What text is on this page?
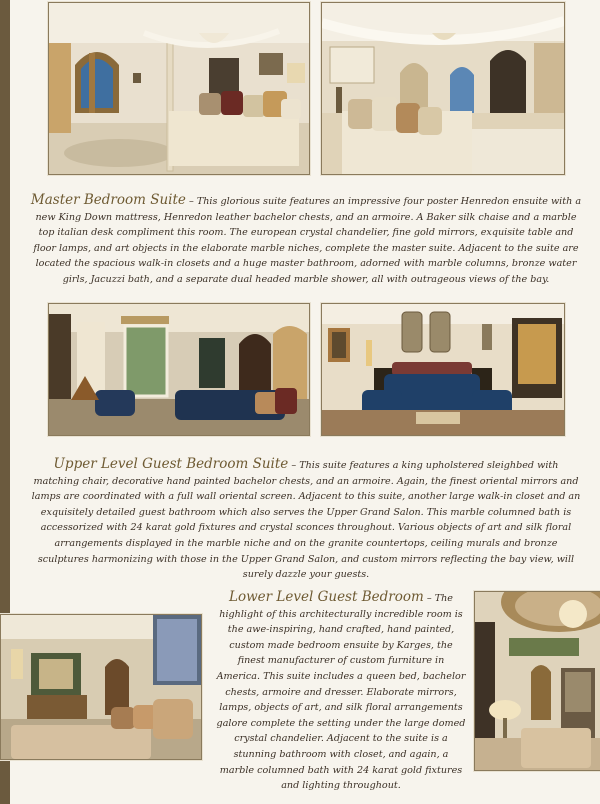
Master Bedroom Suite – This glorious suite features an impressive four poster Henredon ensuite with a new King Down mattress, Henredon leather bachelor chests, and an armoire. A Baker silk chaise and a marble top italian desk compliment this room. The european crystal chandelier, fine gold mirrors, exquisite table and floor lamps, and art objects in the elaborate marble niches, complete the master suite. Adjacent to the suite are located the spacious walk-in closets and a huge master bathroom, adorned with marble columns, bronze water girls, Jacuzzi bath, and a separate dual headed marble shower, all with outrageous views of the bay.

Upper Level Guest Bedroom Suite – This suite features a king upholstered sleighbed with matching chair, decorative hand painted bachelor chests, and an armoire. Again, the finest oriental mirrors and lamps are coordinated with a full wall oriental screen. Adjacent to this suite, another large walk-in closet and an exquisitely detailed guest bathroom which also serves the Upper Grand Salon. This marble columned bath is accessorized with 24 karat gold fixtures and crystal sconces throughout. Various objects of art and silk floral arrangements displayed in the marble niche and on the granite countertops, ceiling murals and bronze sculptures harmonizing with those in the Upper Grand Salon, and custom mirrors reflecting the bay view, will surely dazzle your guests.

Lower Level Guest Bedroom – The highlight of this architecturally incredible room is the awe-inspiring, hand crafted, hand painted, custom made bedroom ensuite by Karges, the finest manufacturer of custom furniture in America. This suite includes a queen bed, bachelor chests, armoire and dresser. Elaborate mirrors, lamps, objects of art, and silk floral arrangements galore complete the setting under the large domed crystal chandelier. Adjacent to the suite is a stunning bathroom with closet, and again, a marble columned bath with 24 karat gold fixtures and lighting throughout.
